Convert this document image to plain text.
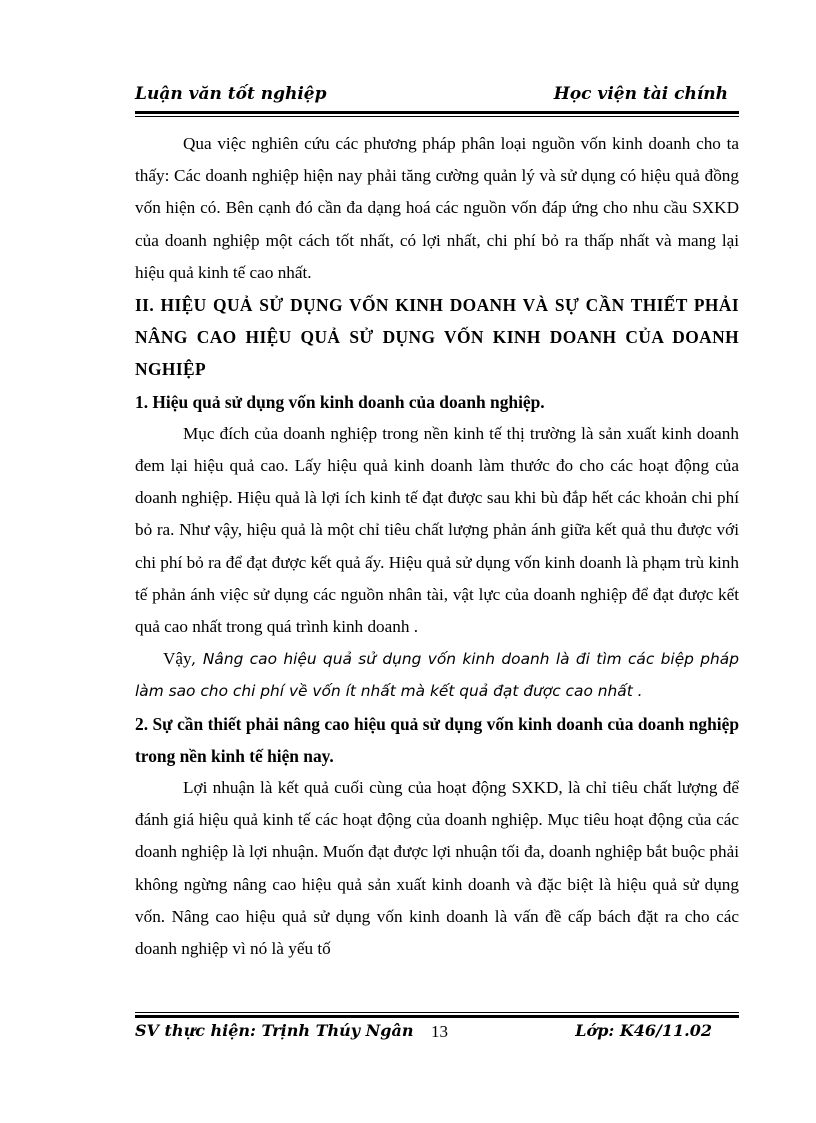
Luận văn tốt nghiệp	Học viện tài chính

Qua việc nghiên cứu các phương pháp phân loại nguồn vốn kinh doanh cho ta thấy: Các doanh nghiệp hiện nay phải tăng cường quản lý và sử dụng có hiệu quả đồng vốn hiện có. Bên cạnh đó cần đa dạng hoá các nguồn vốn đáp ứng cho nhu cầu SXKD của doanh nghiệp một cách tốt nhất, có lợi nhất, chi phí bỏ ra thấp nhất và mang lại hiệu quả kinh tế cao nhất.

II. HIỆU QUẢ SỬ DỤNG VỐN KINH DOANH VÀ SỰ CẦN THIẾT PHẢI NÂNG CAO HIỆU QUẢ SỬ DỤNG VỐN KINH DOANH CỦA DOANH NGHIỆP

1. Hiệu quả sử dụng vốn kinh doanh của doanh nghiệp.

Mục đích của doanh nghiệp trong nền kinh tế thị trường là sản xuất kinh doanh đem lại hiệu quả cao. Lấy hiệu quả kinh doanh làm thước đo cho các hoạt động của doanh nghiệp. Hiệu quả là lợi ích kinh tế đạt được sau khi bù đắp hết các khoản chi phí bỏ ra. Như vậy, hiệu quả là một chỉ tiêu chất lượng phản ánh giữa kết quả thu được với chi phí bỏ ra để đạt được kết quả ấy. Hiệu quả sử dụng vốn kinh doanh là phạm trù kinh tế phản ánh việc sử dụng các nguồn nhân tài, vật lực của doanh nghiệp để đạt được kết quả cao nhất trong quá trình kinh doanh .

Vậy, Nâng cao hiệu quả sử dụng vốn kinh doanh là đi tìm các biệp pháp làm sao cho chi phí về vốn ít nhất mà kết quả đạt được cao nhất .

2. Sự cần thiết phải nâng cao hiệu quả sử dụng vốn kinh doanh của doanh nghiệp trong nền kinh tế hiện nay.

Lợi nhuận là kết quả cuối cùng của hoạt động SXKD, là chỉ tiêu chất lượng để đánh giá hiệu quả kinh tế các hoạt động của doanh nghiệp. Mục tiêu hoạt động của các doanh nghiệp là lợi nhuận. Muốn đạt được lợi nhuận tối đa, doanh nghiệp bắt buộc phải không ngừng nâng cao hiệu quả sản xuất kinh doanh và đặc biệt là hiệu quả sử dụng vốn. Nâng cao hiệu quả sử dụng vốn kinh doanh là vấn đề cấp bách đặt ra cho các doanh nghiệp vì nó là yếu tố

SV thực hiện: Trịnh Thúy Ngân 13	Lớp: K46/11.02
